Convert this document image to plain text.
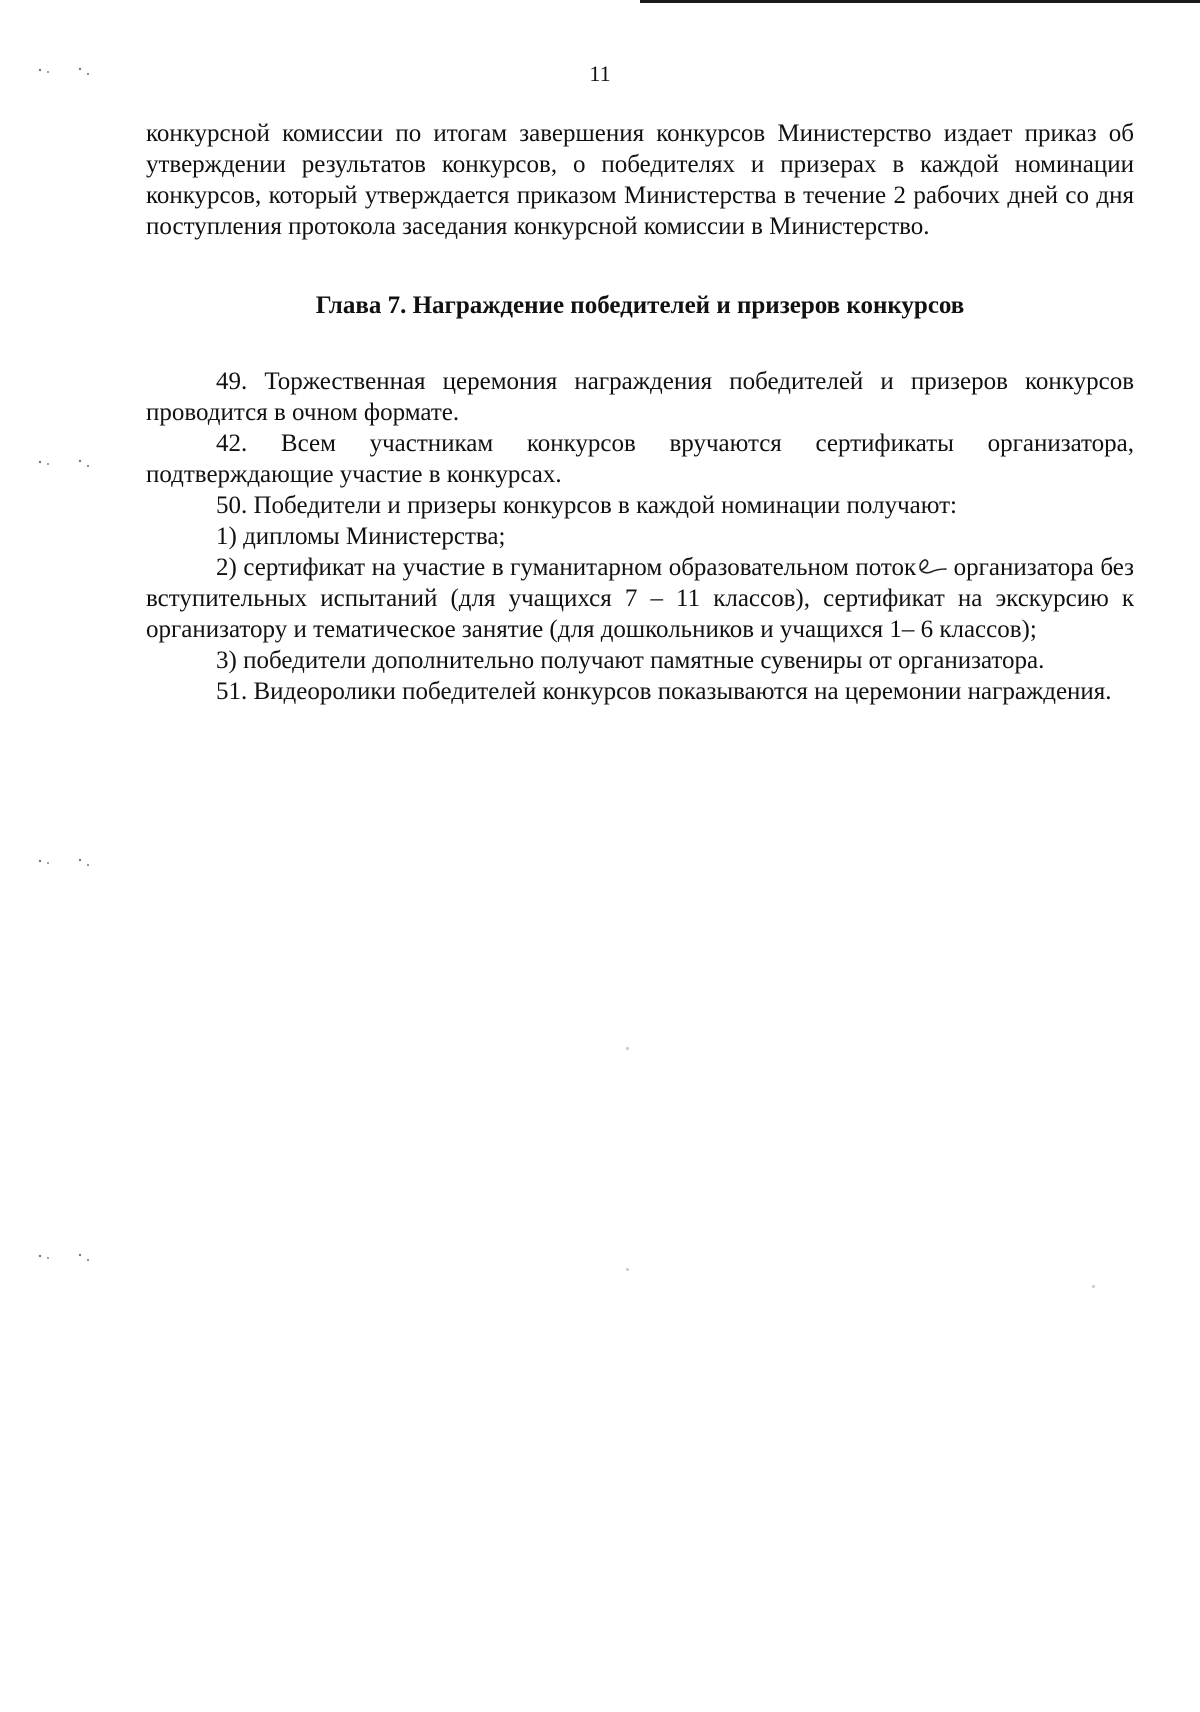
11

конкурсной комиссии по итогам завершения конкурсов Министерство издает приказ об утверждении результатов конкурсов, о победителях и призерах в каждой номинации конкурсов, который утверждается приказом Министерства в течение 2 рабочих дней со дня поступления протокола заседания конкурсной комиссии в Министерство.

Глава 7. Награждение победителей и призеров конкурсов

49. Торжественная церемония награждения победителей и призеров конкурсов проводится в очном формате.

42. Всем участникам конкурсов вручаются сертификаты организатора, подтверждающие участие в конкурсах.

50. Победители и призеры конкурсов в каждой номинации получают:

1) дипломы Министерства;

2) сертификат на участие в гуманитарном образовательном поток организатора без вступительных испытаний (для учащихся 7 – 11 классов), сертификат на экскурсию к организатору и тематическое занятие (для дошкольников и учащихся 1– 6 классов);

3) победители дополнительно получают памятные сувениры от организатора.

51. Видеоролики победителей конкурсов показываются на церемонии награждения.
